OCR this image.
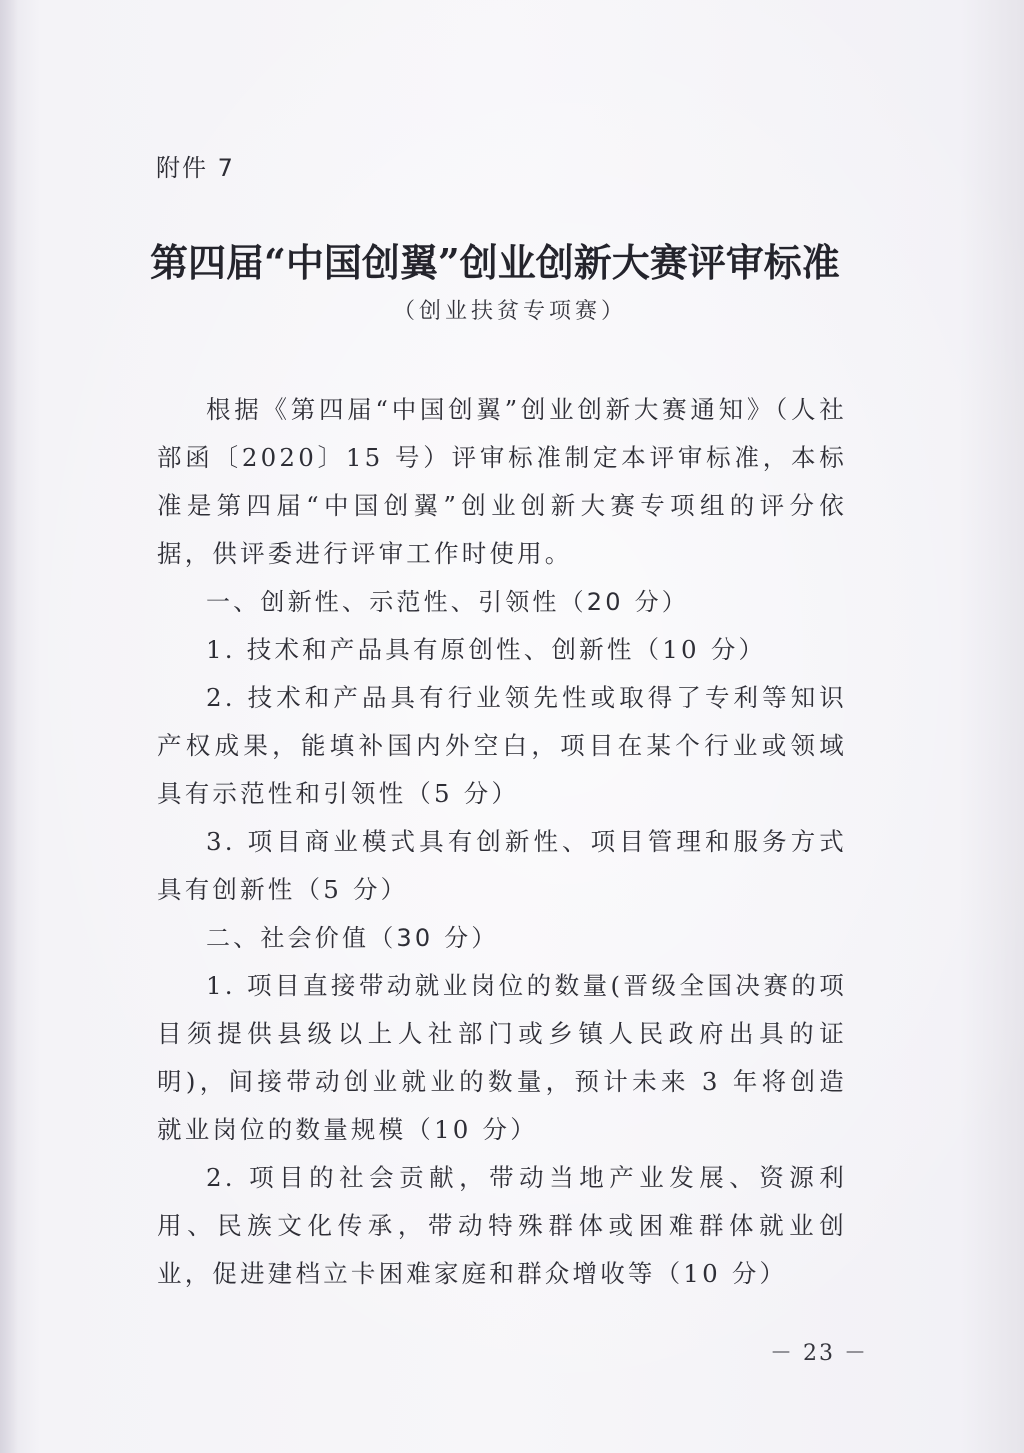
附件 7
第四届“中国创翼”创业创新大赛评审标准
（创业扶贫专项赛）

根据《第四届“中国创翼”创业创新大赛通知》（人社部函〔2020〕15 号）评审标准制定本评审标准，本标准是第四届“中国创翼”创业创新大赛专项组的评分依据，供评委进行评审工作时使用。

一、创新性、示范性、引领性（20 分）

1. 技术和产品具有原创性、创新性（10 分）

2. 技术和产品具有行业领先性或取得了专利等知识产权成果，能填补国内外空白，项目在某个行业或领域具有示范性和引领性（5 分）

3. 项目商业模式具有创新性、项目管理和服务方式具有创新性（5 分）

二、社会价值（30 分）

1. 项目直接带动就业岗位的数量(晋级全国决赛的项目须提供县级以上人社部门或乡镇人民政府出具的证明)，间接带动创业就业的数量，预计未来 3 年将创造就业岗位的数量规模（10 分）

2. 项目的社会贡献，带动当地产业发展、资源利用、民族文化传承，带动特殊群体或困难群体就业创业，促进建档立卡困难家庭和群众增收等（10 分）

－ 23 －
